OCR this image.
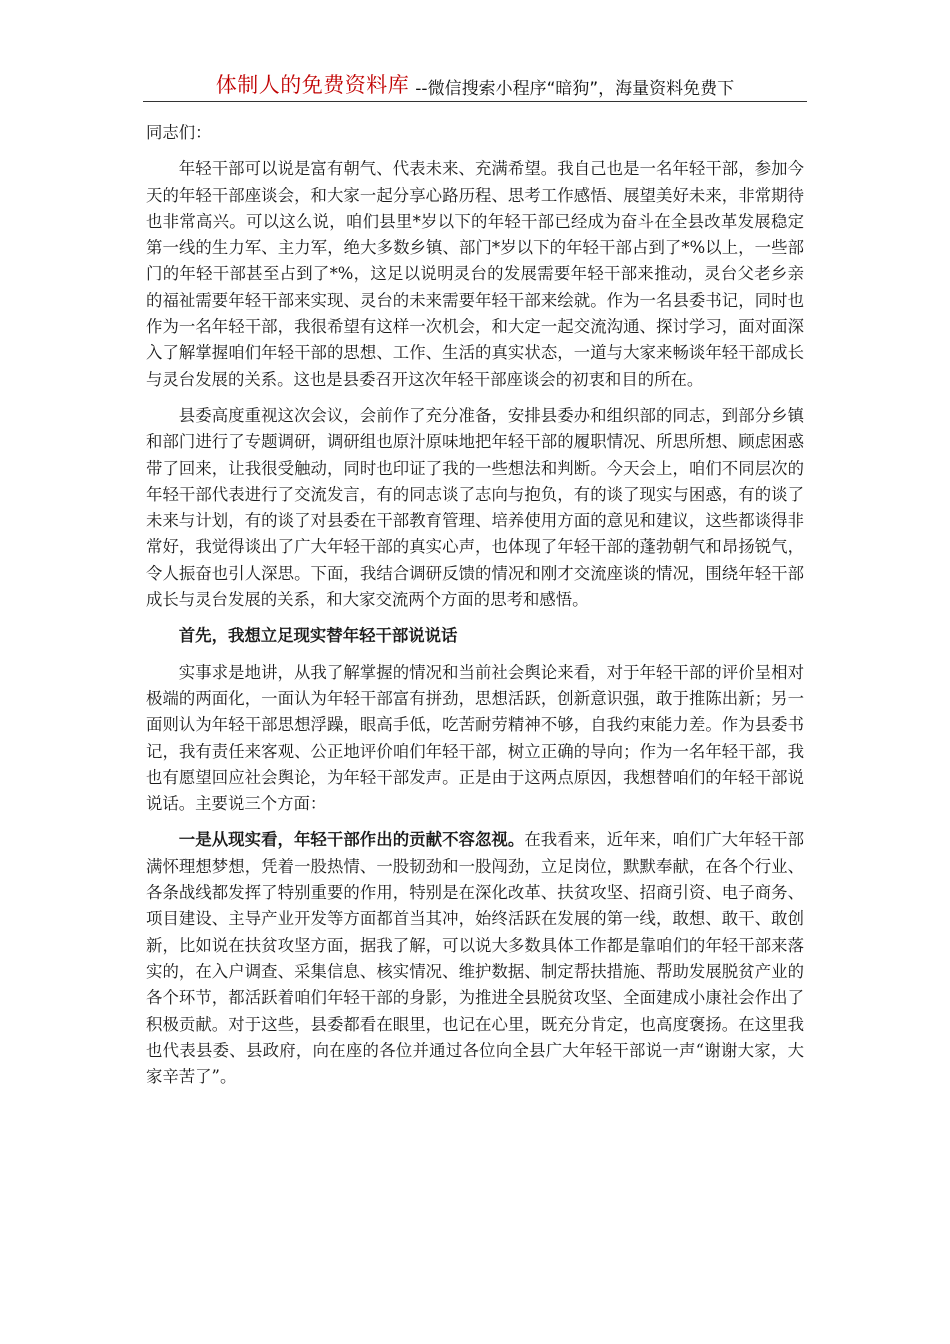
体制人的免费资料库 --微信搜索小程序“暗狗”，海量资料免费下

同志们：

年轻干部可以说是富有朝气、代表未来、充满希望。我自己也是一名年轻干部，参加今天的年轻干部座谈会，和大家一起分享心路历程、思考工作感悟、展望美好未来，非常期待也非常高兴。可以这么说，咱们县里*岁以下的年轻干部已经成为奋斗在全县改革发展稳定第一线的生力军、主力军，绝大多数乡镇、部门*岁以下的年轻干部占到了*%以上，一些部门的年轻干部甚至占到了*%，这足以说明灵台的发展需要年轻干部来推动，灵台父老乡亲的福祉需要年轻干部来实现、灵台的未来需要年轻干部来绘就。作为一名县委书记，同时也作为一名年轻干部，我很希望有这样一次机会，和大定一起交流沟通、探讨学习，面对面深入了解掌握咱们年轻干部的思想、工作、生活的真实状态，一道与大家来畅谈年轻干部成长与灵台发展的关系。这也是县委召开这次年轻干部座谈会的初衷和目的所在。

县委高度重视这次会议，会前作了充分准备，安排县委办和组织部的同志，到部分乡镇和部门进行了专题调研，调研组也原汁原味地把年轻干部的履职情况、所思所想、顾虑困惑带了回来，让我很受触动，同时也印证了我的一些想法和判断。今天会上，咱们不同层次的年轻干部代表进行了交流发言，有的同志谈了志向与抱负，有的谈了现实与困惑，有的谈了未来与计划，有的谈了对县委在干部教育管理、培养使用方面的意见和建议，这些都谈得非常好，我觉得谈出了广大年轻干部的真实心声，也体现了年轻干部的蓬勃朝气和昂扬锐气，令人振奋也引人深思。下面，我结合调研反馈的情况和刚才交流座谈的情况，围绕年轻干部成长与灵台发展的关系，和大家交流两个方面的思考和感悟。

首先，我想立足现实替年轻干部说说话

实事求是地讲，从我了解掌握的情况和当前社会舆论来看，对于年轻干部的评价呈相对极端的两面化，一面认为年轻干部富有拼劲，思想活跃，创新意识强，敢于推陈出新；另一面则认为年轻干部思想浮躁，眼高手低，吃苦耐劳精神不够，自我约束能力差。作为县委书记，我有责任来客观、公正地评价咱们年轻干部，树立正确的导向；作为一名年轻干部，我也有愿望回应社会舆论，为年轻干部发声。正是由于这两点原因，我想替咱们的年轻干部说说话。主要说三个方面：

一是从现实看，年轻干部作出的贡献不容忽视。在我看来，近年来，咱们广大年轻干部满怀理想梦想，凭着一股热情、一股韧劲和一股闯劲，立足岗位，默默奉献，在各个行业、各条战线都发挥了特别重要的作用，特别是在深化改革、扶贫攻坚、招商引资、电子商务、项目建设、主导产业开发等方面都首当其冲，始终活跃在发展的第一线，敢想、敢干、敢创新，比如说在扶贫攻坚方面，据我了解，可以说大多数具体工作都是靠咱们的年轻干部来落实的，在入户调查、采集信息、核实情况、维护数据、制定帮扶措施、帮助发展脱贫产业的各个环节，都活跃着咱们年轻干部的身影，为推进全县脱贫攻坚、全面建成小康社会作出了积极贡献。对于这些，县委都看在眼里，也记在心里，既充分肯定，也高度褒扬。在这里我也代表县委、县政府，向在座的各位并通过各位向全县广大年轻干部说一声“谢谢大家，大家辛苦了”。
